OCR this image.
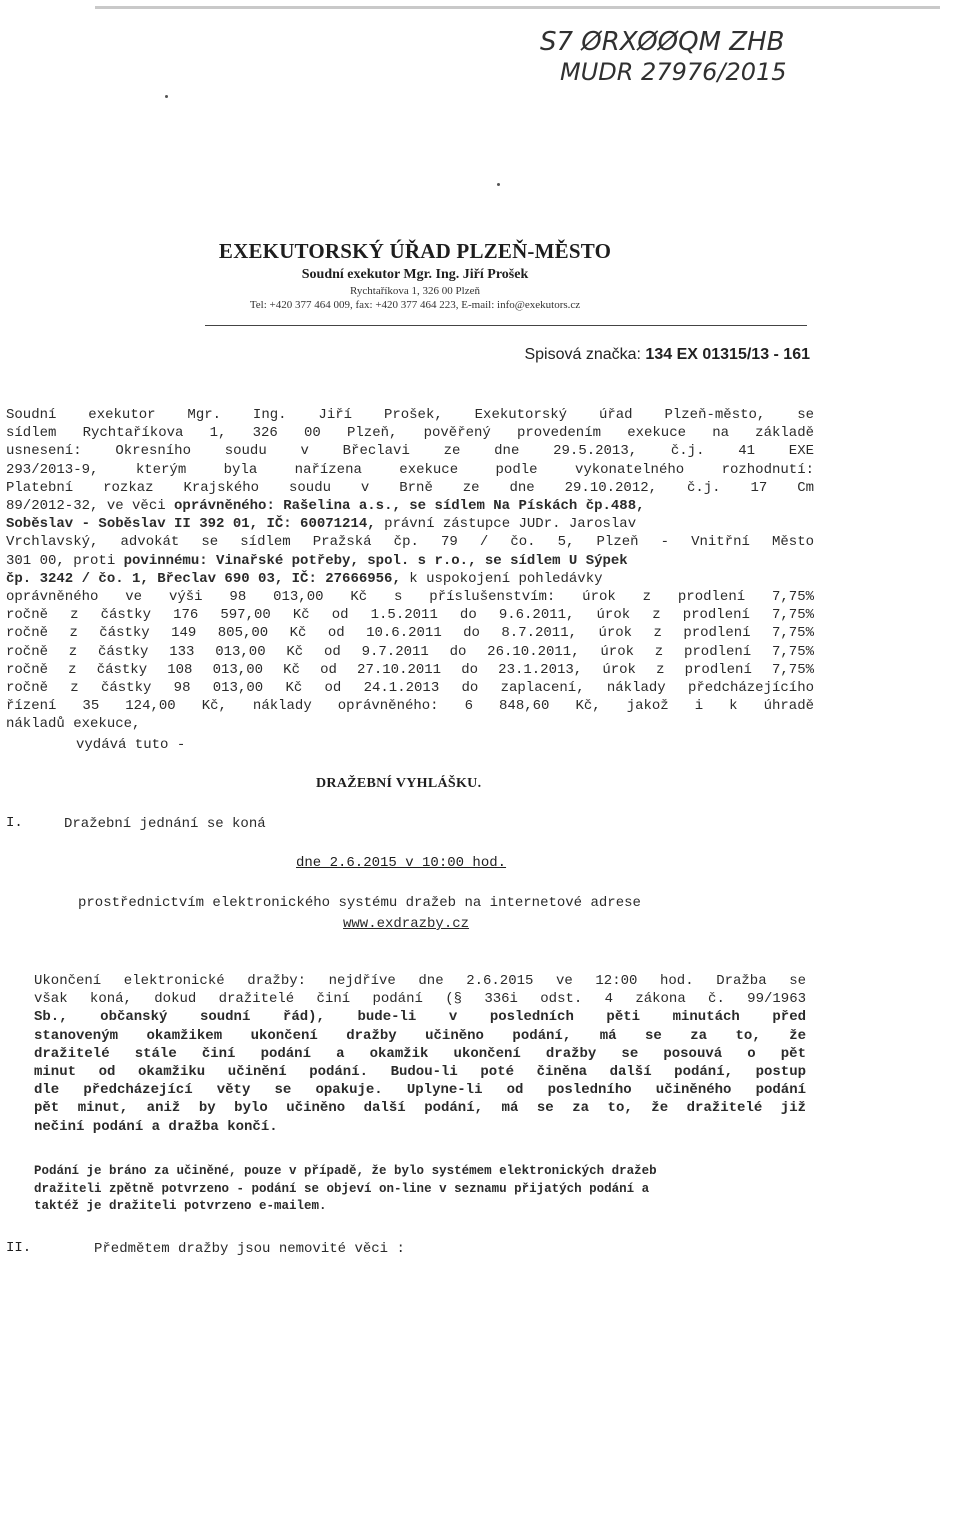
S7 ØRXØØQM ZHB
MUDR 27976/2015
EXEKUTORSKÝ ÚŘAD PLZEŇ-MĚSTO
Soudní exekutor Mgr. Ing. Jiří Prošek
Rychtaříkova 1, 326 00 Plzeň
Tel: +420 377 464 009, fax: +420 377 464 223, E-mail: info@exekutors.cz
Spisová značka: 134 EX 01315/13 - 161

Soudní exekutor Mgr. Ing. Jiří Prošek, Exekutorský úřad Plzeň-město, se

sídlem Rychtaříkova 1, 326 00 Plzeň, pověřený provedením exekuce na základě

usnesení: Okresního soudu v Břeclavi ze dne 29.5.2013, č.j. 41 EXE

293/2013-9, kterým byla nařízena exekuce podle vykonatelného rozhodnutí:

Platební rozkaz Krajského soudu v Brně ze dne 29.10.2012, č.j. 17 Cm

89/2012-32, ve věci oprávněného: Rašelina a.s., se sídlem Na Pískách čp.488,

Soběslav - Soběslav II 392 01, IČ: 60071214, právní zástupce JUDr. Jaroslav

Vrchlavský, advokát se sídlem Pražská čp. 79 / čo. 5, Plzeň - Vnitřní Město

301 00, proti povinnému: Vinařské potřeby, spol. s r.o., se sídlem U Sýpek

čp. 3242 / čo. 1, Břeclav 690 03, IČ: 27666956, k uspokojení pohledávky

oprávněného ve výši 98 013,00 Kč s příslušenstvím: úrok z prodlení 7,75%

ročně z částky 176 597,00 Kč od 1.5.2011 do 9.6.2011, úrok z prodlení 7,75%

ročně z částky 149 805,00 Kč od 10.6.2011 do 8.7.2011, úrok z prodlení 7,75%

ročně z částky 133 013,00 Kč od 9.7.2011 do 26.10.2011, úrok z prodlení 7,75%

ročně z částky 108 013,00 Kč od 27.10.2011 do 23.1.2013, úrok z prodlení 7,75%

ročně z částky 98 013,00 Kč od 24.1.2013 do zaplacení, náklady předcházejícího

řízení 35 124,00 Kč, náklady oprávněného: 6 848,60 Kč, jakož i k úhradě

nákladů exekuce,

vydává tuto -
DRAŽEBNÍ VYHLÁŠKU.
I.	Dražební jednání se koná
dne 2.6.2015 v 10:00 hod.
prostřednictvím elektronického systému dražeb na internetové adrese
www.exdrazby.cz

Ukončení elektronické dražby: nejdříve dne 2.6.2015 ve 12:00 hod. Dražba se

však koná, dokud dražitelé činí podání (§ 336i odst. 4 zákona č. 99/1963

Sb., občanský soudní řád), bude-li v posledních pěti minutách před

stanoveným okamžikem ukončení dražby učiněno podání, má se za to, že

dražitelé stále činí podání a okamžik ukončení dražby se posouvá o pět

minut od okamžiku učinění podání. Budou-li poté činěna další podání, postup

dle předcházející věty se opakuje. Uplyne-li od posledního učiněného podání

pět minut, aniž by bylo učiněno další podání, má se za to, že dražitelé již

nečiní podání a dražba končí.

Podání je bráno za učiněné, pouze v případě, že bylo systémem elektronických dražeb

dražiteli zpětně potvrzeno - podání se objeví on-line v seznamu přijatých podání a

taktéž je dražiteli potvrzeno e-mailem.

II.	Předmětem dražby jsou nemovité věci :
